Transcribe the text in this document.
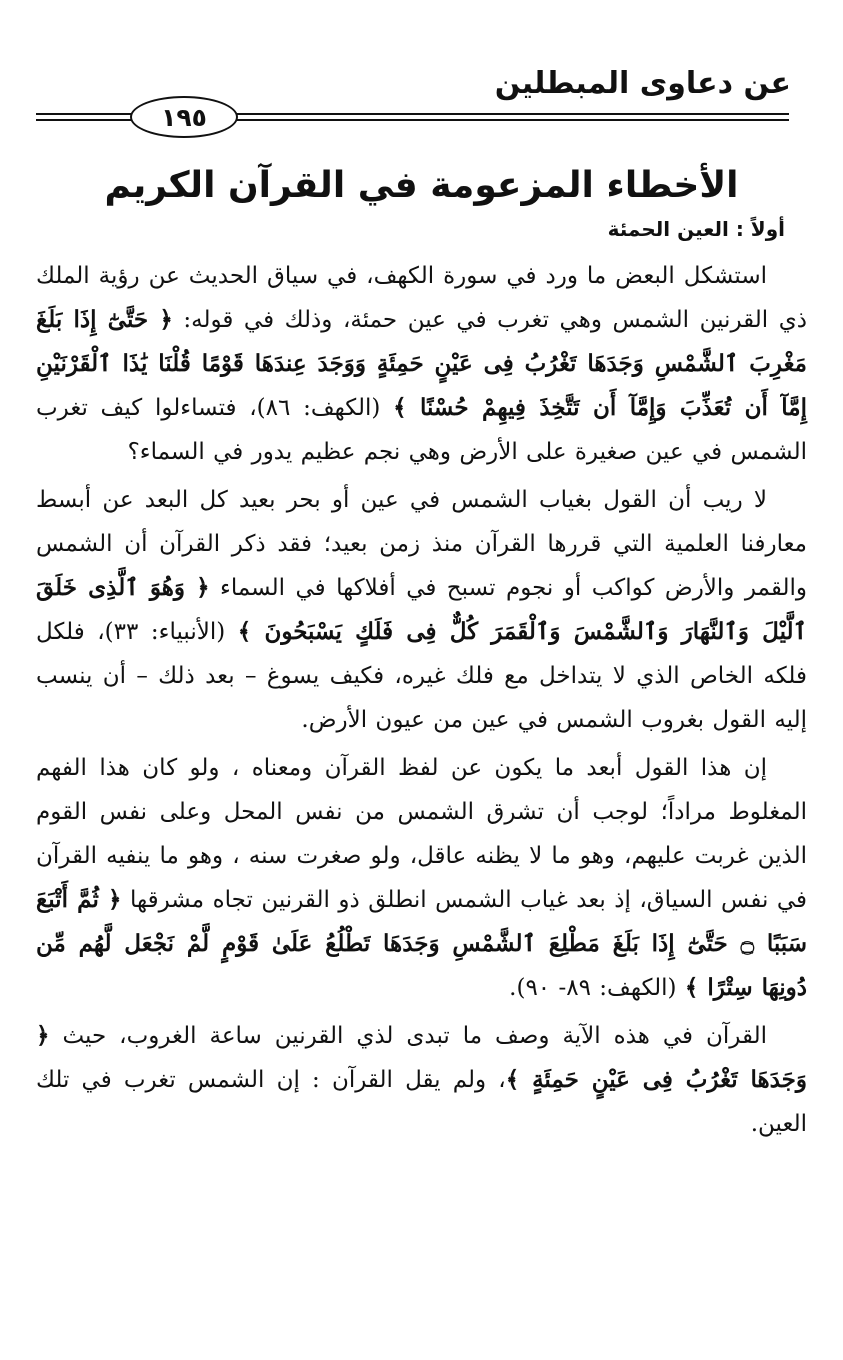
عن دعاوى المبطلين
١٩٥
الأخطاء المزعومة في القرآن الكريم
أولاً : العين الحمئة

استشكل البعض ما ورد في سورة الكهف، في سياق الحديث عن رؤية الملك ذي القرنين الشمس وهي تغرب في عين حمئة، وذلك في قوله: ﴿ حَتَّىٰٓ إِذَا بَلَغَ مَغْرِبَ ٱلشَّمْسِ وَجَدَهَا تَغْرُبُ فِى عَيْنٍ حَمِئَةٍ وَوَجَدَ عِندَهَا قَوْمًا قُلْنَا يَٰذَا ٱلْقَرْنَيْنِ إِمَّآ أَن تُعَذِّبَ وَإِمَّآ أَن تَتَّخِذَ فِيهِمْ حُسْنًا ﴾ (الكهف: ٨٦)، فتساءلوا كيف تغرب الشمس في عين صغيرة على الأرض وهي نجم عظيم يدور في السماء؟

لا ريب أن القول بغياب الشمس في عين أو بحر بعيد كل البعد عن أبسط معارفنا العلمية التي قررها القرآن منذ زمن بعيد؛ فقد ذكر القرآن أن الشمس والقمر والأرض كواكب أو نجوم تسبح في أفلاكها في السماء ﴿ وَهُوَ ٱلَّذِى خَلَقَ ٱلَّيْلَ وَٱلنَّهَارَ وَٱلشَّمْسَ وَٱلْقَمَرَ كُلٌّ فِى فَلَكٍ يَسْبَحُونَ ﴾ (الأنبياء: ٣٣)، فلكل فلكه الخاص الذي لا يتداخل مع فلك غيره، فكيف يسوغ – بعد ذلك – أن ينسب إليه القول بغروب الشمس في عين من عيون الأرض.

إن هذا القول أبعد ما يكون عن لفظ القرآن ومعناه ، ولو كان هذا الفهم المغلوط مراداً؛ لوجب أن تشرق الشمس من نفس المحل وعلى نفس القوم الذين غربت عليهم، وهو ما لا يظنه عاقل، ولو صغرت سنه ، وهو ما ينفيه القرآن في نفس السياق، إذ بعد غياب الشمس انطلق ذو القرنين تجاه مشرقها ﴿ ثُمَّ أَتْبَعَ سَبَبًا ۝ حَتَّىٰٓ إِذَا بَلَغَ مَطْلِعَ ٱلشَّمْسِ وَجَدَهَا تَطْلُعُ عَلَىٰ قَوْمٍ لَّمْ نَجْعَل لَّهُم مِّن دُونِهَا سِتْرًا ﴾ (الكهف: ٨٩- ٩٠).

القرآن في هذه الآية وصف ما تبدى لذي القرنين ساعة الغروب، حيث ﴿ وَجَدَهَا تَغْرُبُ فِى عَيْنٍ حَمِئَةٍ ﴾، ولم يقل القرآن : إن الشمس تغرب في تلك العين.
